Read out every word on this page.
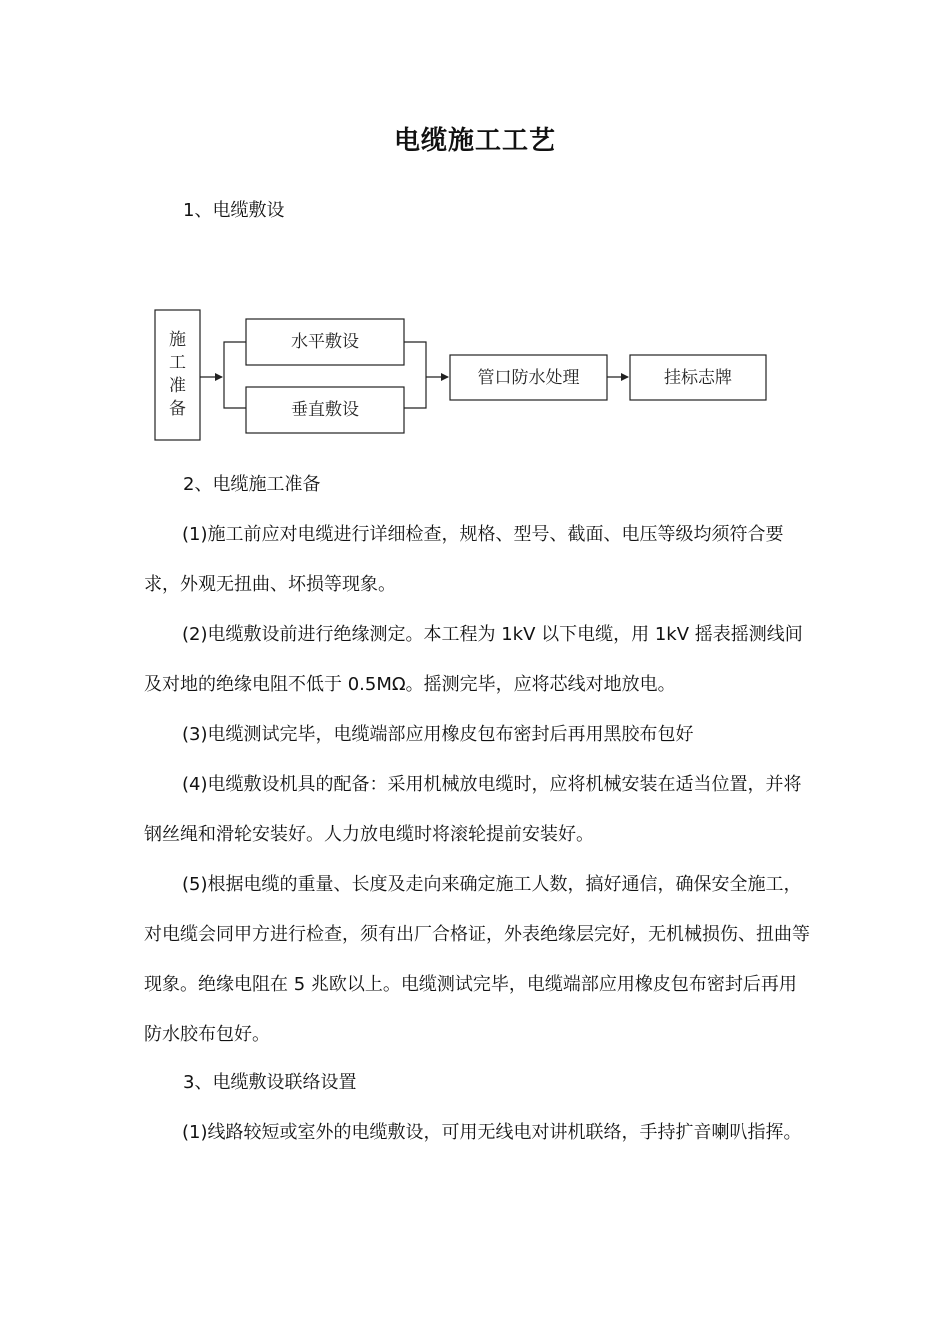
电缆施工工艺
1、电缆敷设
施
工
准
备
水平敷设
垂直敷设
管口防水处理	挂标志牌
2、电缆施工准备

(1)施工前应对电缆进行详细检查，规格、型号、截面、电压等级均须符合要求，外观无扭曲、坏损等现象。

(2)电缆敷设前进行绝缘测定。本工程为 1kV 以下电缆，用 1kV 摇表摇测线间及对地的绝缘电阻不低于 0.5MΩ。摇测完毕，应将芯线对地放电。

(3)电缆测试完毕，电缆端部应用橡皮包布密封后再用黑胶布包好

(4)电缆敷设机具的配备：采用机械放电缆时，应将机械安装在适当位置，并将钢丝绳和滑轮安装好。人力放电缆时将滚轮提前安装好。

(5)根据电缆的重量、长度及走向来确定施工人数，搞好通信，确保安全施工，对电缆会同甲方进行检查，须有出厂合格证，外表绝缘层完好，无机械损伤、扭曲等现象。绝缘电阻在 5 兆欧以上。电缆测试完毕，电缆端部应用橡皮包布密封后再用防水胶布包好。

3、电缆敷设联络设置

(1)线路较短或室外的电缆敷设，可用无线电对讲机联络，手持扩音喇叭指挥。
